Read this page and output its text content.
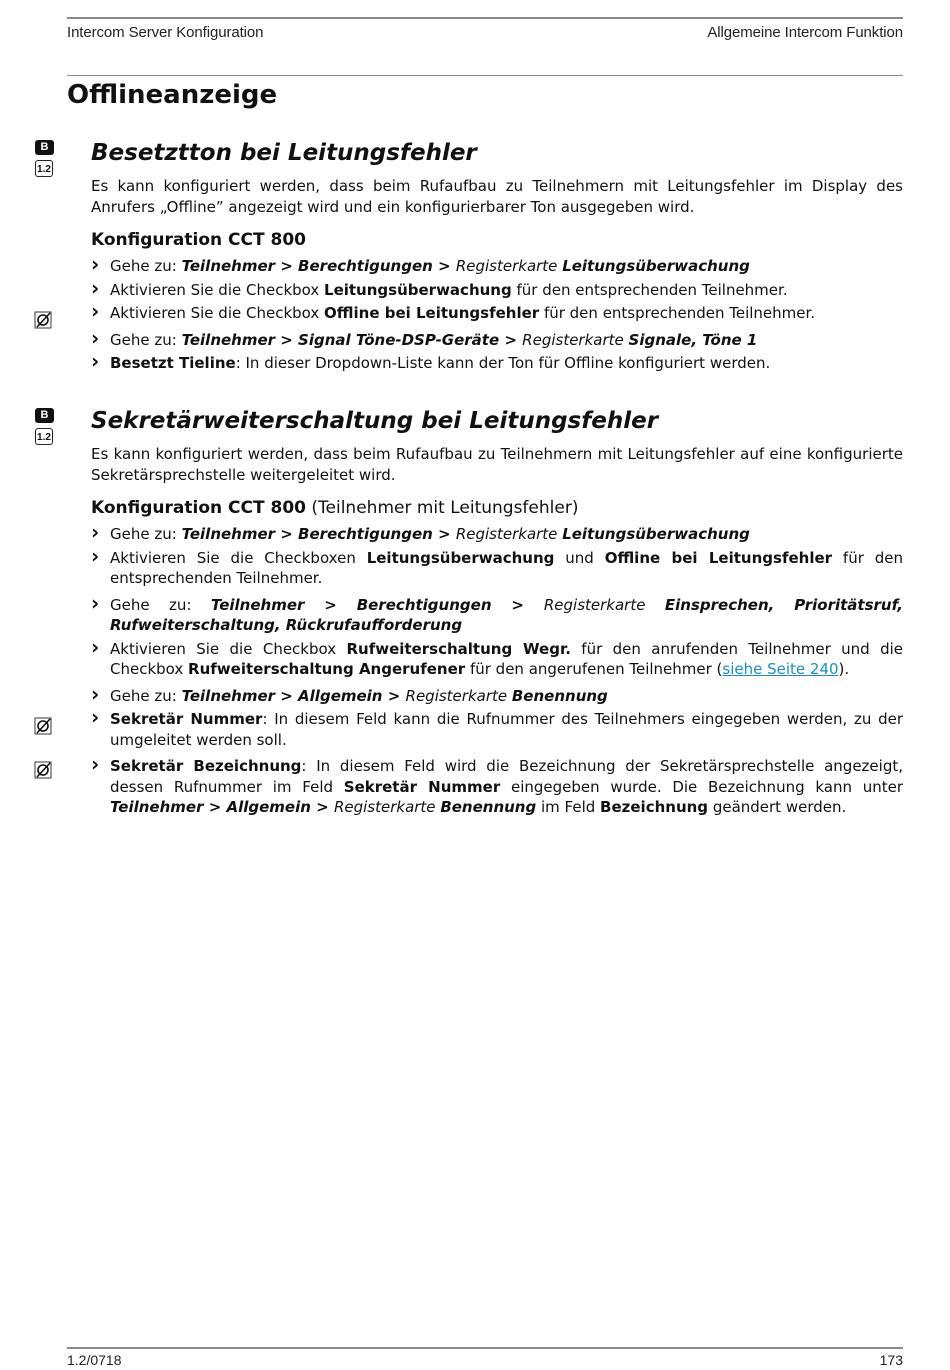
Intercom Server Konfiguration	Allgemeine Intercom Funktion
Offlineanzeige
B
1.2
Besetztton bei Leitungsfehler

Es kann konfiguriert werden, dass beim Rufaufbau zu Teilnehmern mit Leitungsfehler im Display des Anrufers „Offline” angezeigt wird und ein konfigurierbarer Ton ausgegeben wird.

Konfiguration CCT 800
› Gehe zu: Teilnehmer > Berechtigungen > Registerkarte Leitungsüberwachung
› Aktivieren Sie die Checkbox Leitungsüberwachung für den entsprechenden Teilnehmer.
› Aktivieren Sie die Checkbox Offline bei Leitungsfehler für den entsprechenden Teilnehmer.
› Gehe zu: Teilnehmer > Signal Töne-DSP-Geräte > Registerkarte Signale, Töne 1
› Besetzt Tieline: In dieser Dropdown-Liste kann der Ton für Offline konfiguriert werden.
B
1.2
Sekretärweiterschaltung bei Leitungsfehler

Es kann konfiguriert werden, dass beim Rufaufbau zu Teilnehmern mit Leitungsfehler auf eine konfigurierte Sekretärsprechstelle weitergeleitet wird.

Konfiguration CCT 800 (Teilnehmer mit Leitungsfehler)
› Gehe zu: Teilnehmer > Berechtigungen > Registerkarte Leitungsüberwachung
› Aktivieren Sie die Checkboxen Leitungsüberwachung und Offline bei Leitungsfehler für den entsprechenden Teilnehmer.
› Gehe zu: Teilnehmer > Berechtigungen > Registerkarte Einsprechen, Prioritätsruf, Rufweiterschaltung, Rückrufaufforderung
› Aktivieren Sie die Checkbox Rufweiterschaltung Wegr. für den anrufenden Teilnehmer und die Checkbox Rufweiterschaltung Angerufener für den angerufenen Teilnehmer (siehe Seite 240).
› Gehe zu: Teilnehmer > Allgemein > Registerkarte Benennung
› Sekretär Nummer: In diesem Feld kann die Rufnummer des Teilnehmers eingegeben werden, zu der umgeleitet werden soll.
› Sekretär Bezeichnung: In diesem Feld wird die Bezeichnung der Sekretärsprechstelle angezeigt, dessen Rufnummer im Feld Sekretär Nummer eingegeben wurde. Die Bezeichnung kann unter Teilnehmer > Allgemein > Registerkarte Benennung im Feld Bezeichnung geändert werden.
1.2/0718	173
